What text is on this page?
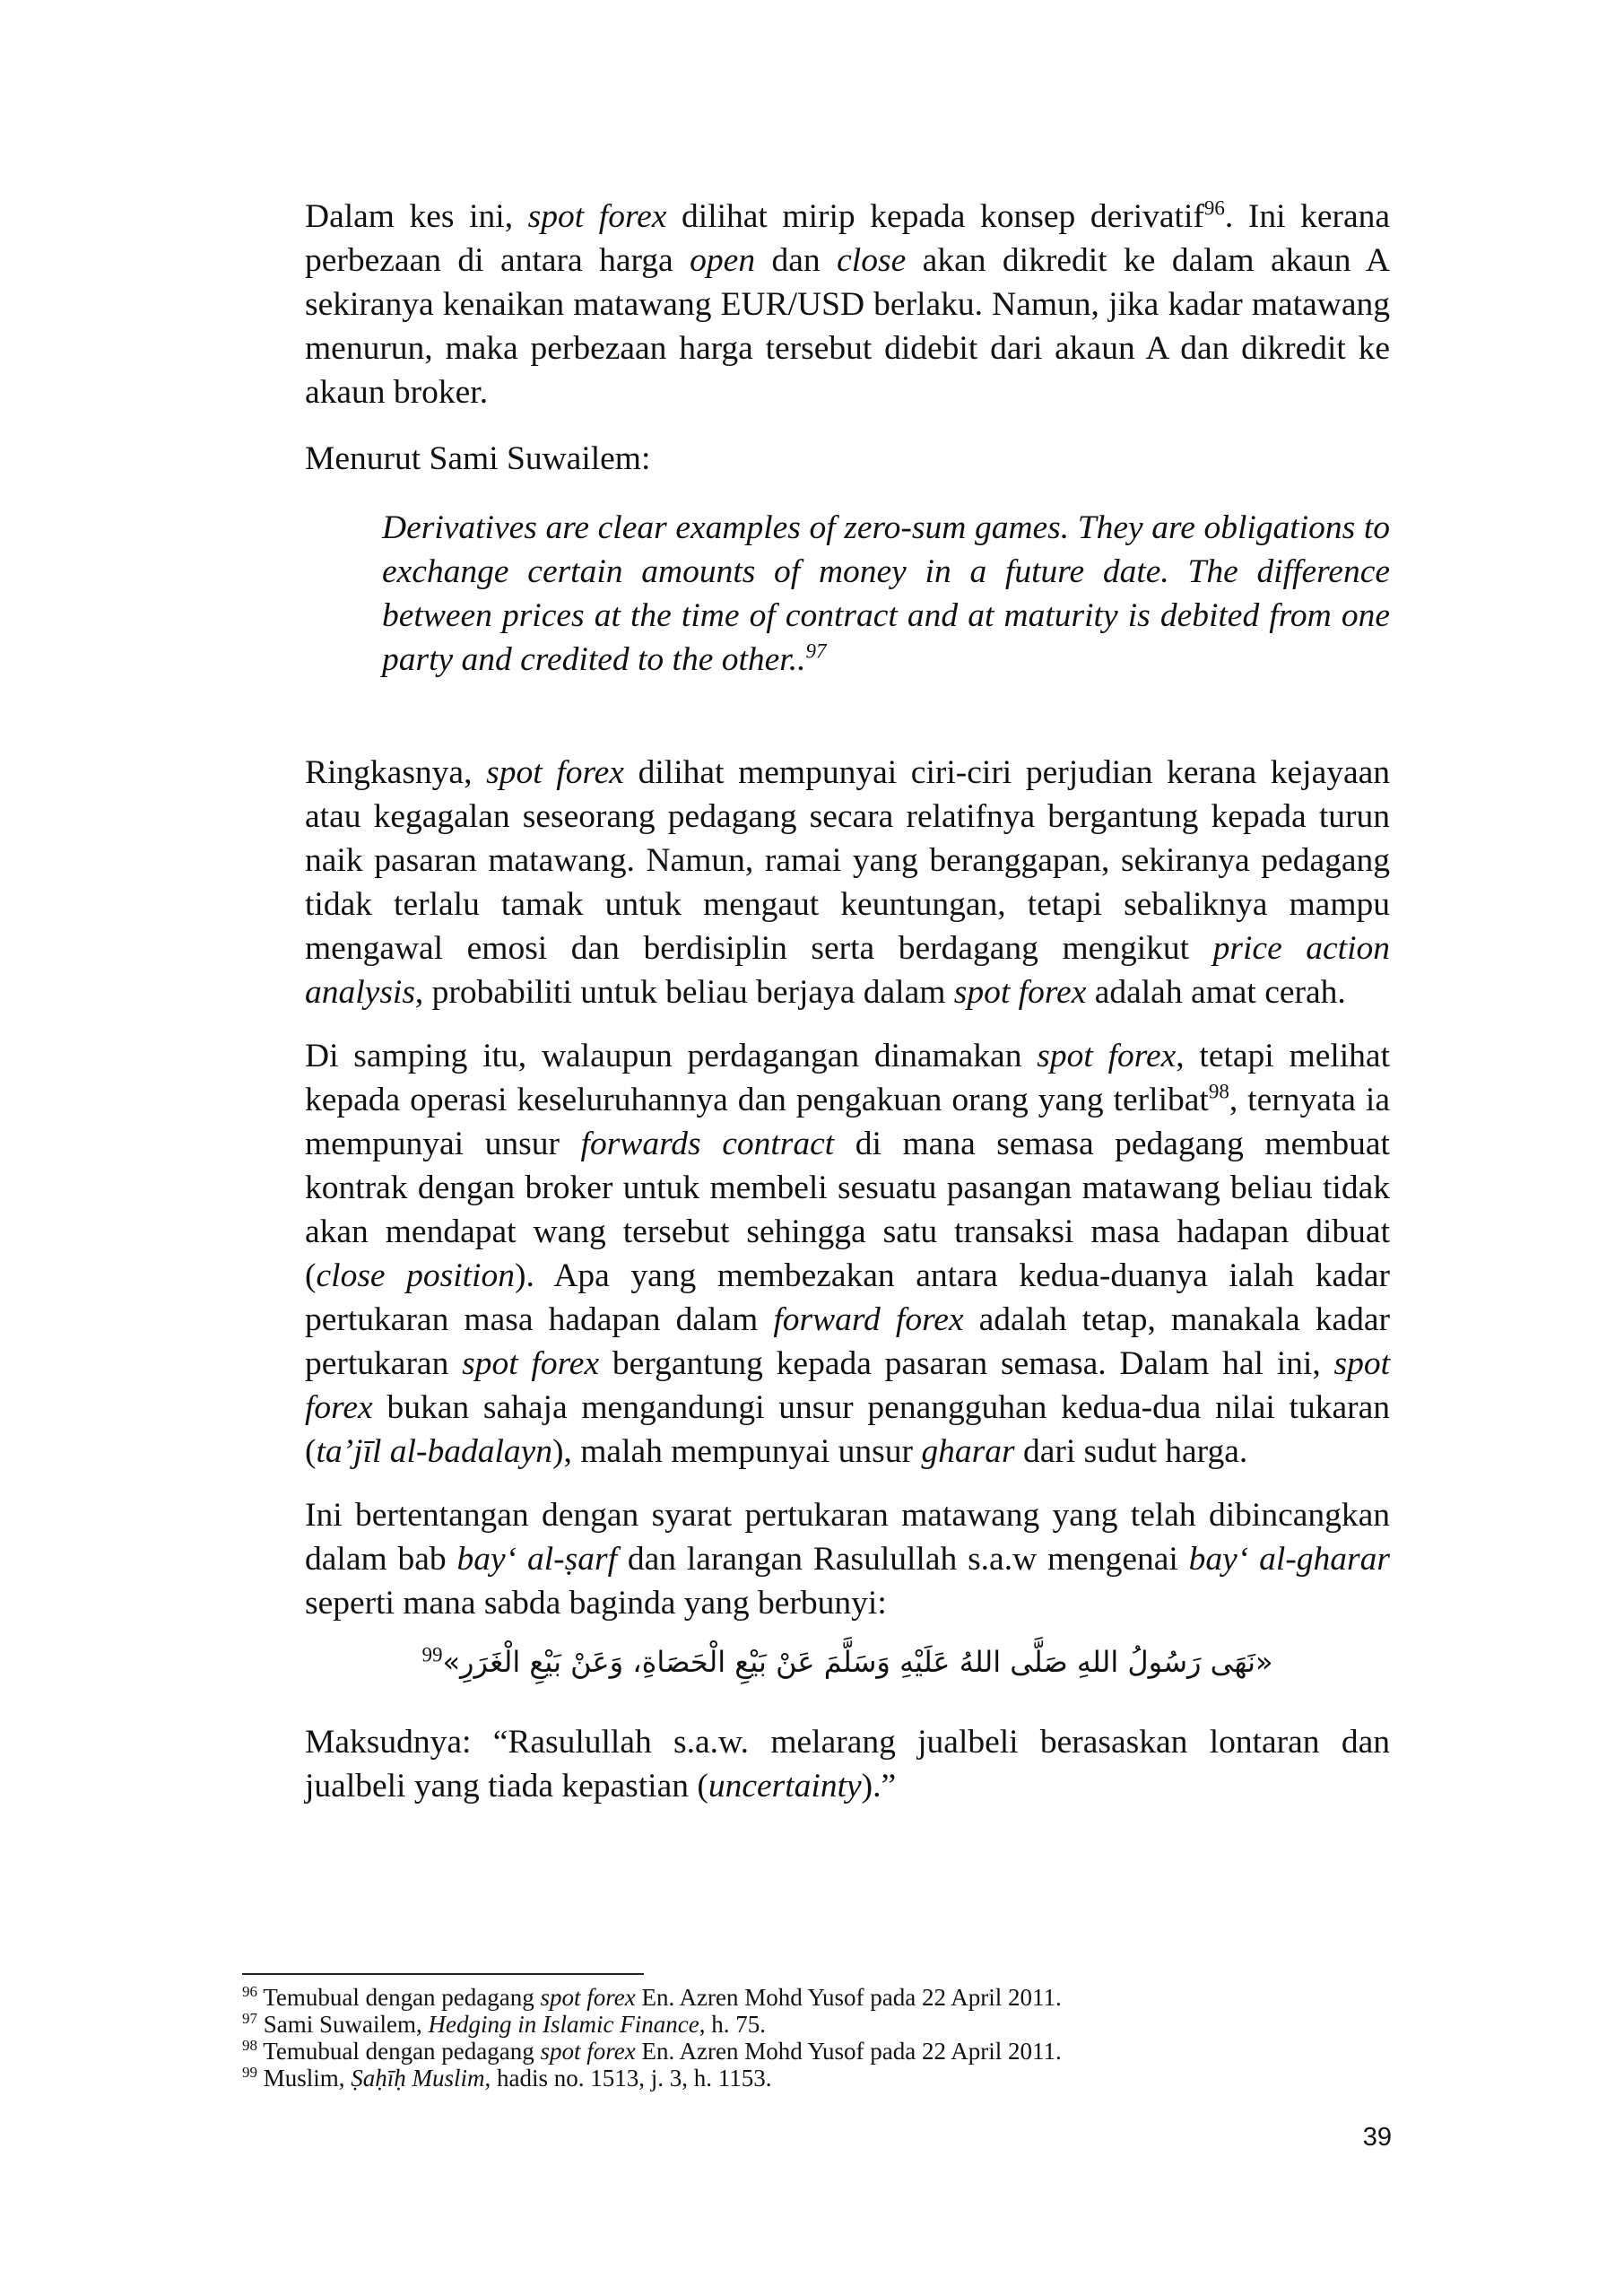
Dalam kes ini, spot forex dilihat mirip kepada konsep derivatif$^{96}$. Ini kerana perbezaan di antara harga open dan close akan dikredit ke dalam akaun A sekiranya kenaikan matawang EUR/USD berlaku. Namun, jika kadar matawang menurun, maka perbezaan harga tersebut didebit dari akaun A dan dikredit ke akaun broker.

Menurut Sami Suwailem:

Derivatives are clear examples of zero-sum games. They are obligations to exchange certain amounts of money in a future date. The difference between prices at the time of contract and at maturity is debited from one party and credited to the other..$^{97}$

Ringkasnya, spot forex dilihat mempunyai ciri-ciri perjudian kerana kejayaan atau kegagalan seseorang pedagang secara relatifnya bergantung kepada turun naik pasaran matawang. Namun, ramai yang beranggapan, sekiranya pedagang tidak terlalu tamak untuk mengaut keuntungan, tetapi sebaliknya mampu mengawal emosi dan berdisiplin serta berdagang mengikut price action analysis, probabiliti untuk beliau berjaya dalam spot forex adalah amat cerah.

Di samping itu, walaupun perdagangan dinamakan spot forex, tetapi melihat kepada operasi keseluruhannya dan pengakuan orang yang terlibat$^{98}$, ternyata ia mempunyai unsur forwards contract di mana semasa pedagang membuat kontrak dengan broker untuk membeli sesuatu pasangan matawang beliau tidak akan mendapat wang tersebut sehingga satu transaksi masa hadapan dibuat (close position). Apa yang membezakan antara kedua-duanya ialah kadar pertukaran masa hadapan dalam forward forex adalah tetap, manakala kadar pertukaran spot forex bergantung kepada pasaran semasa. Dalam hal ini, spot forex bukan sahaja mengandungi unsur penangguhan kedua-dua nilai tukaran (ta’jīl al-badalayn), malah mempunyai unsur gharar dari sudut harga.

Ini bertentangan dengan syarat pertukaran matawang yang telah dibincangkan dalam bab bay‘ al-ṣarf dan larangan Rasulullah s.a.w mengenai bay‘ al-gharar seperti mana sabda baginda yang berbunyi:

«نَهَى رَسُولُ اللهِ صَلَّى اللهُ عَلَيْهِ وَسَلَّمَ عَنْ بَيْعِ الْحَصَاةِ، وَعَنْ بَيْعِ الْغَرَرِ»$^{99}$

Maksudnya: “Rasulullah s.a.w. melarang jualbeli berasaskan lontaran dan jualbeli yang tiada kepastian (uncertainty).”

$^{96}$ Temubual dengan pedagang spot forex En. Azren Mohd Yusof pada 22 April 2011.

$^{97}$ Sami Suwailem, Hedging in Islamic Finance, h. 75.

$^{98}$ Temubual dengan pedagang spot forex En. Azren Mohd Yusof pada 22 April 2011.

$^{99}$ Muslim, Ṣaḥīḥ Muslim, hadis no. 1513, j. 3, h. 1153.

39
